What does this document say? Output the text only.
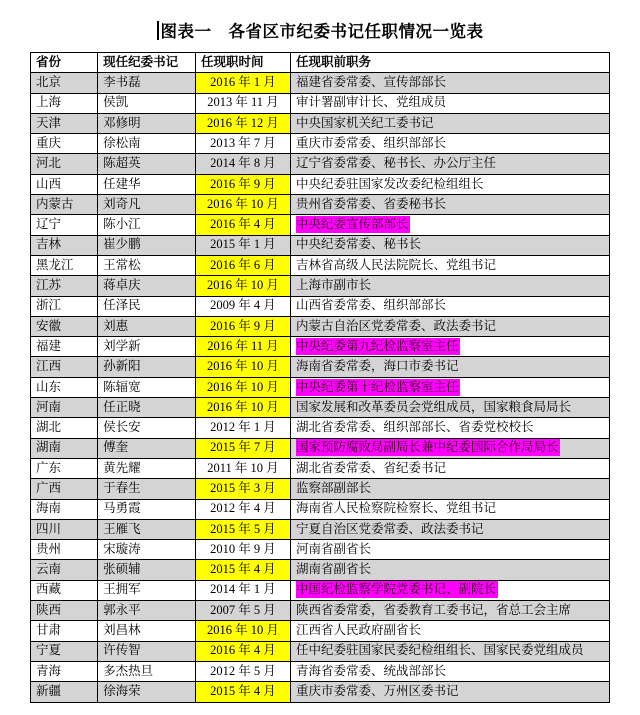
图表一　各省区市纪委书记任职情况一览表
省份	现任纪委书记	任现职时间	任现职前职务
北京	李书磊	2016 年 1 月	福建省委常委、宣传部部长
上海	侯凯	2013 年 11 月	审计署副审计长、党组成员
天津	邓修明	2016 年 12 月	中央国家机关纪工委书记
重庆	徐松南	2013 年 7 月	重庆市委常委、组织部部长
河北	陈超英	2014 年 8 月	辽宁省委常委、秘书长、办公厅主任
山西	任建华	2016 年 9 月	中央纪委驻国家发改委纪检组组长
内蒙古	刘奇凡	2016 年 10 月	贵州省委常委、省委秘书长
辽宁	陈小江	2016 年 4 月	中央纪委宣传部部长
吉林	崔少鹏	2015 年 1 月	中央纪委常委、秘书长
黑龙江	王常松	2016 年 6 月	吉林省高级人民法院院长、党组书记
江苏	蒋卓庆	2016 年 10 月	上海市副市长
浙江	任泽民	2009 年 4 月	山西省委常委、组织部部长
安徽	刘惠	2016 年 9 月	内蒙古自治区党委常委、政法委书记
福建	刘学新	2016 年 11 月	中央纪委第九纪检监察室主任
江西	孙新阳	2016 年 10 月	海南省委常委，海口市委书记
山东	陈辐宽	2016 年 10 月	中央纪委第十纪检监察室主任
河南	任正晓	2016 年 10 月	国家发展和改革委员会党组成员，国家粮食局局长
湖北	侯长安	2012 年 1 月	湖北省委常委、组织部部长、省委党校校长
湖南	傅奎	2015 年 7 月	国家预防腐败局副局长兼中纪委国际合作局局长
广东	黄先耀	2011 年 10 月	湖北省委常委、省纪委书记
广西	于春生	2015 年 3 月	监察部副部长
海南	马勇霞	2012 年 4 月	海南省人民检察院检察长、党组书记
四川	王雁飞	2015 年 5 月	宁夏自治区党委常委、政法委书记
贵州	宋璇涛	2010 年 9 月	河南省副省长
云南	张硕辅	2015 年 4 月	湖南省副省长
西藏	王拥军	2014 年 1 月	中国纪检监察学院党委书记、副院长
陕西	郭永平	2007 年 5 月	陕西省委常委，省委教育工委书记，省总工会主席
甘肃	刘昌林	2016 年 10 月	江西省人民政府副省长
宁夏	许传智	2016 年 4 月	任中纪委驻国家民委纪检组组长、国家民委党组成员
青海	多杰热旦	2012 年 5 月	青海省委常委、统战部部长
新疆	徐海荣	2015 年 4 月	重庆市委常委、万州区委书记
